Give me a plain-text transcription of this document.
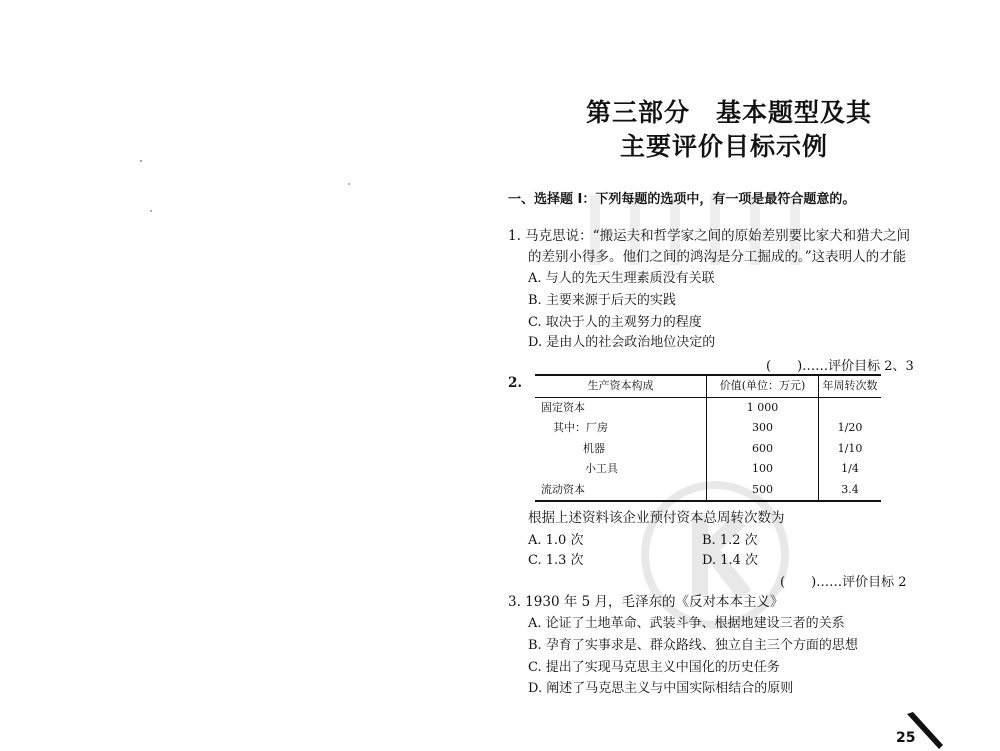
第三部分　基本题型及其
主要评价目标示例
一、选择题 I：下列每题的选项中，有一项是最符合题意的。
1. 马克思说：“搬运夫和哲学家之间的原始差别要比家犬和猎犬之间
的差别小得多。他们之间的鸿沟是分工掘成的。”这表明人的才能
A. 与人的先天生理素质没有关联
B. 主要来源于后天的实践
C. 取决于人的主观努力的程度
D. 是由人的社会政治地位决定的
(　　)……评价目标 2、3
2.	生产资本构成	价值(单位：万元)	年周转次数
固定资本	1 000	
其中：厂房	300	1/20
机器	600	1/10
小工具	100	1/4
流动资本	500	3.4
根据上述资料该企业预付资本总周转次数为
A. 1.0 次	B. 1.2 次
C. 1.3 次	D. 1.4 次
(　　)……评价目标 2
3. 1930 年 5 月，毛泽东的《反对本本主义》
A. 论证了土地革命、武装斗争、根据地建设三者的关系
B. 孕育了实事求是、群众路线、独立自主三个方面的思想
C. 提出了实现马克思主义中国化的历史任务
D. 阐述了马克思主义与中国实际相结合的原则
25
